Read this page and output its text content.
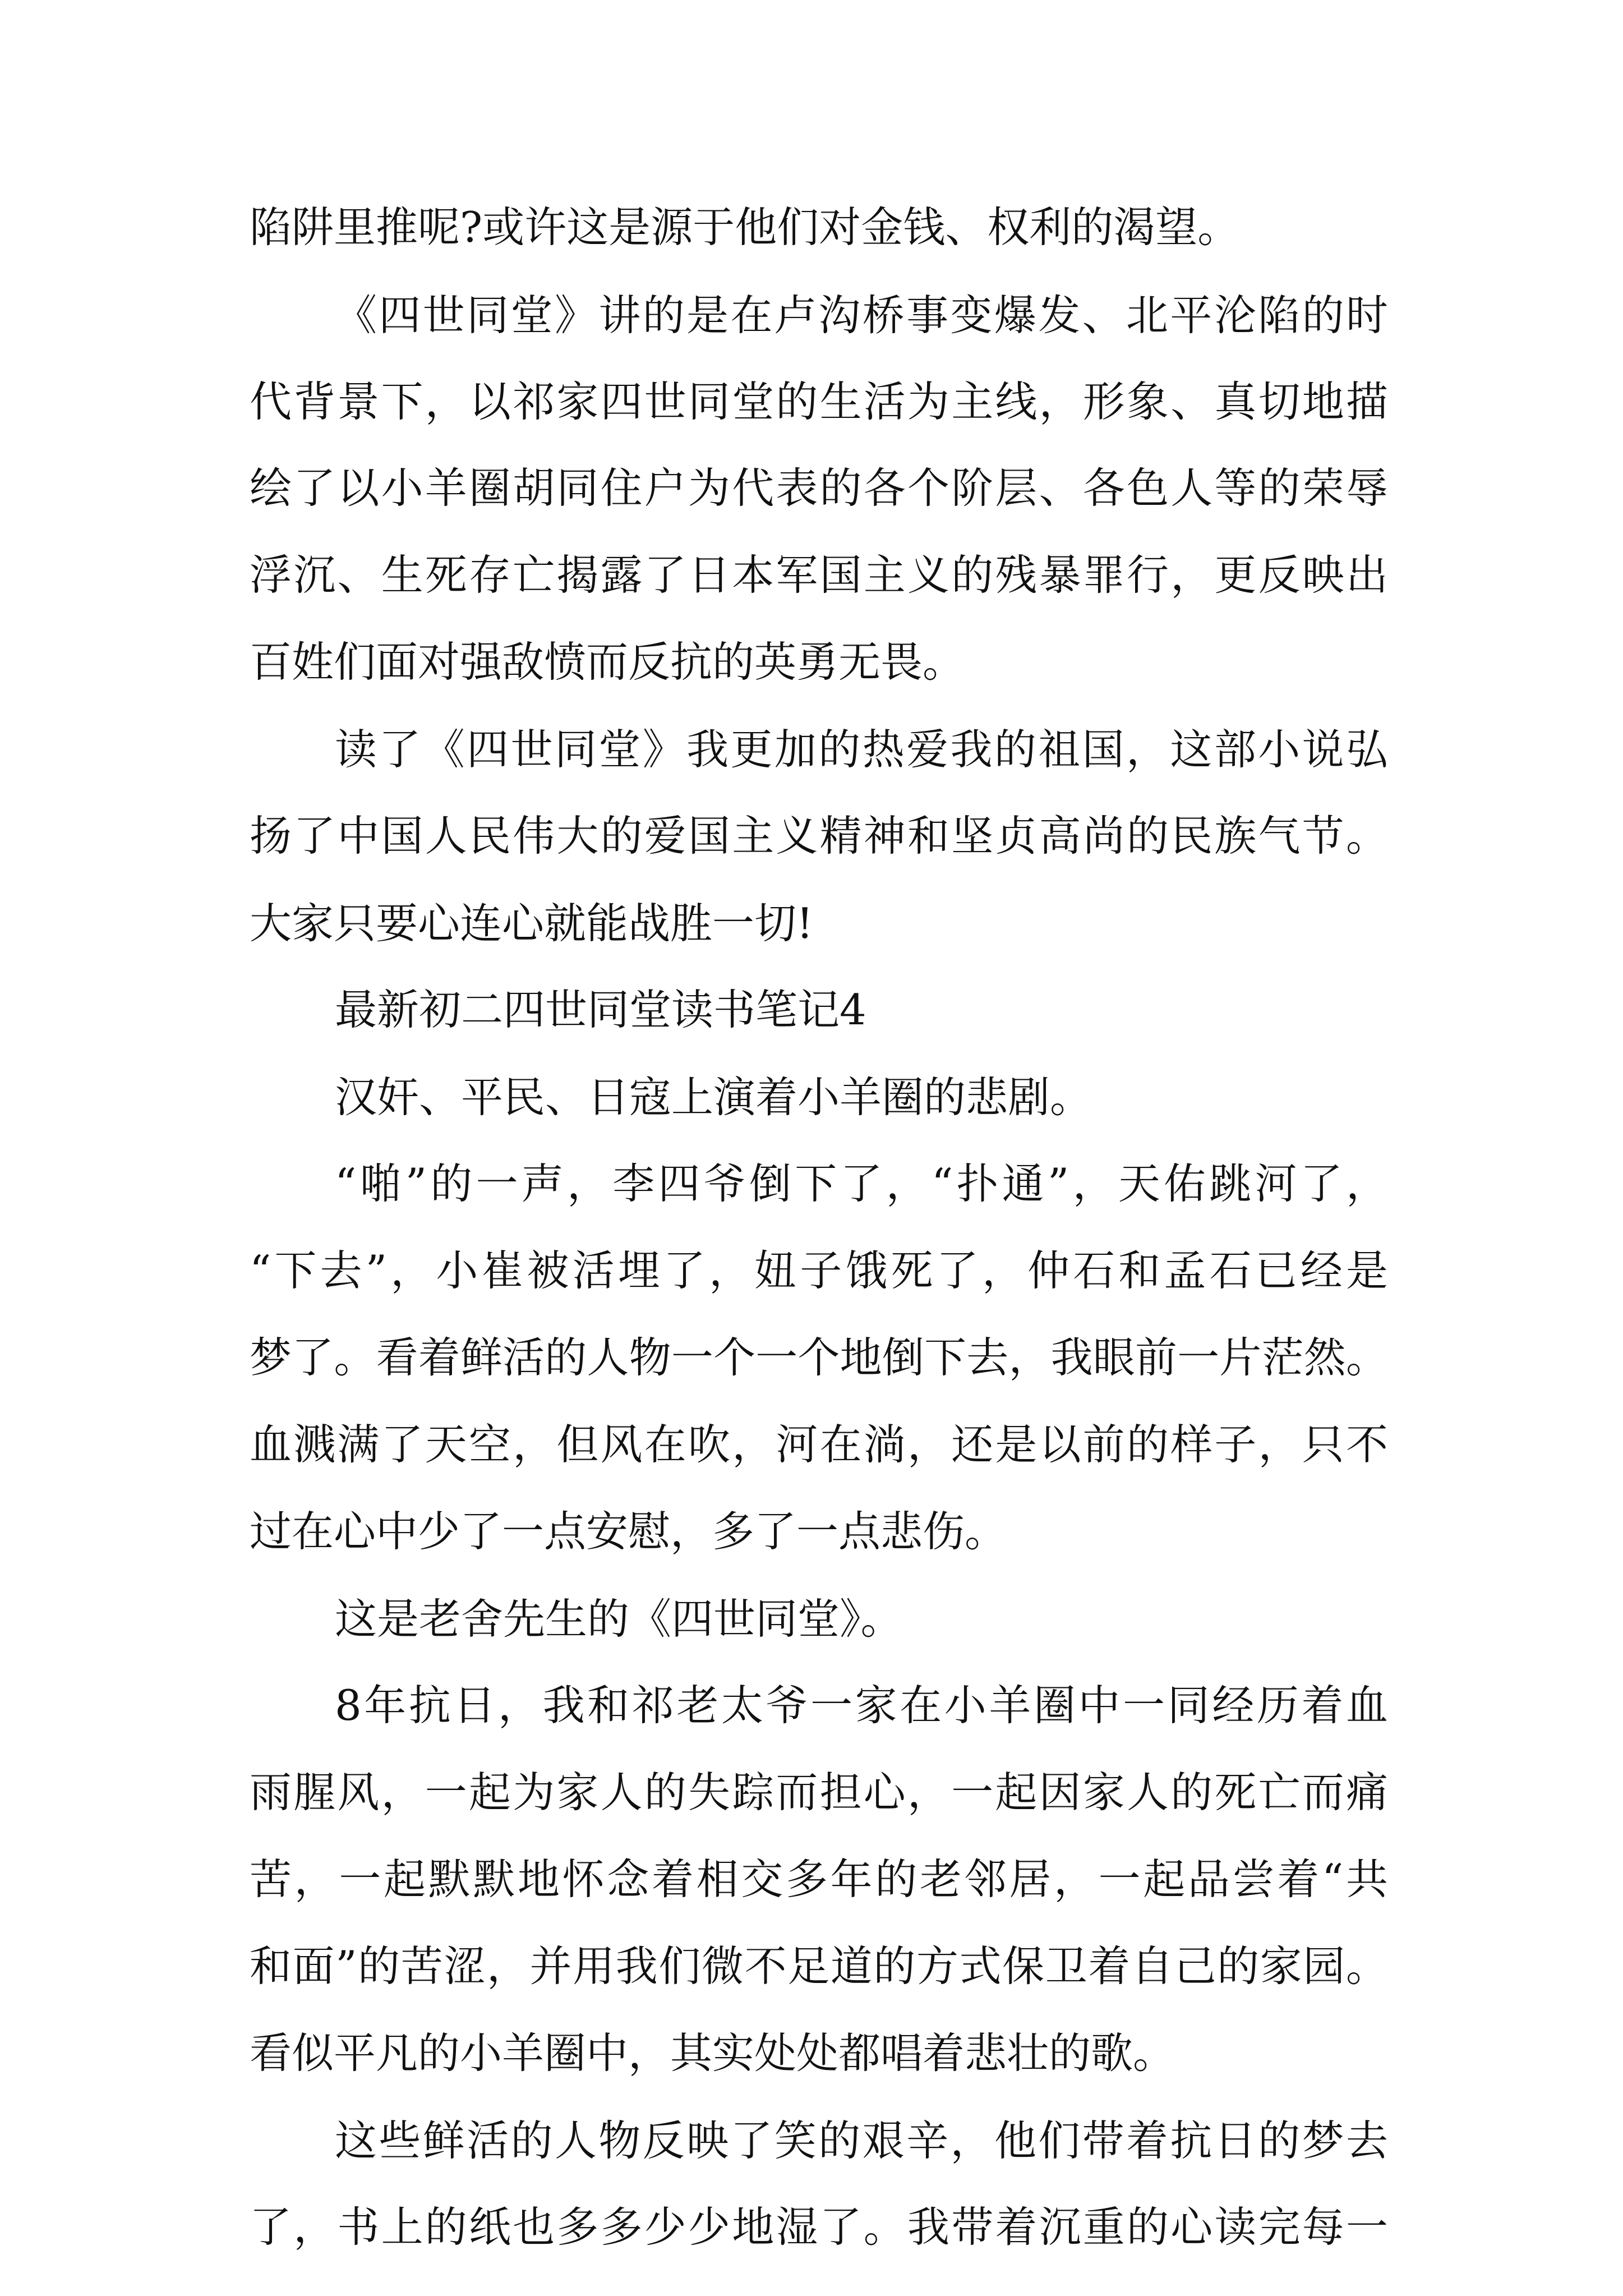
陷阱里推呢?或许这是源于他们对金钱、权利的渴望。
《四世同堂》讲的是在卢沟桥事变爆发、北平沦陷的时
代背景下，以祁家四世同堂的生活为主线，形象、真切地描
绘了以小羊圈胡同住户为代表的各个阶层、各色人等的荣辱
浮沉、生死存亡揭露了日本军国主义的残暴罪行，更反映出
百姓们面对强敌愤而反抗的英勇无畏。
读了《四世同堂》我更加的热爱我的祖国，这部小说弘
扬了中国人民伟大的爱国主义精神和坚贞高尚的民族气节。
大家只要心连心就能战胜一切!
最新初二四世同堂读书笔记4
汉奸、平民、日寇上演着小羊圈的悲剧。
“啪”的一声，李四爷倒下了，“扑通”，天佑跳河了，
“下去”，小崔被活埋了，妞子饿死了，仲石和孟石已经是
梦了。看着鲜活的人物一个一个地倒下去，我眼前一片茫然。
血溅满了天空，但风在吹，河在淌，还是以前的样子，只不
过在心中少了一点安慰，多了一点悲伤。
这是老舍先生的《四世同堂》。
8年抗日，我和祁老太爷一家在小羊圈中一同经历着血
雨腥风，一起为家人的失踪而担心，一起因家人的死亡而痛
苦，一起默默地怀念着相交多年的老邻居，一起品尝着“共
和面”的苦涩，并用我们微不足道的方式保卫着自己的家园。
看似平凡的小羊圈中，其实处处都唱着悲壮的歌。
这些鲜活的人物反映了笑的艰辛，他们带着抗日的梦去
了，书上的纸也多多少少地湿了。我带着沉重的心读完每一
